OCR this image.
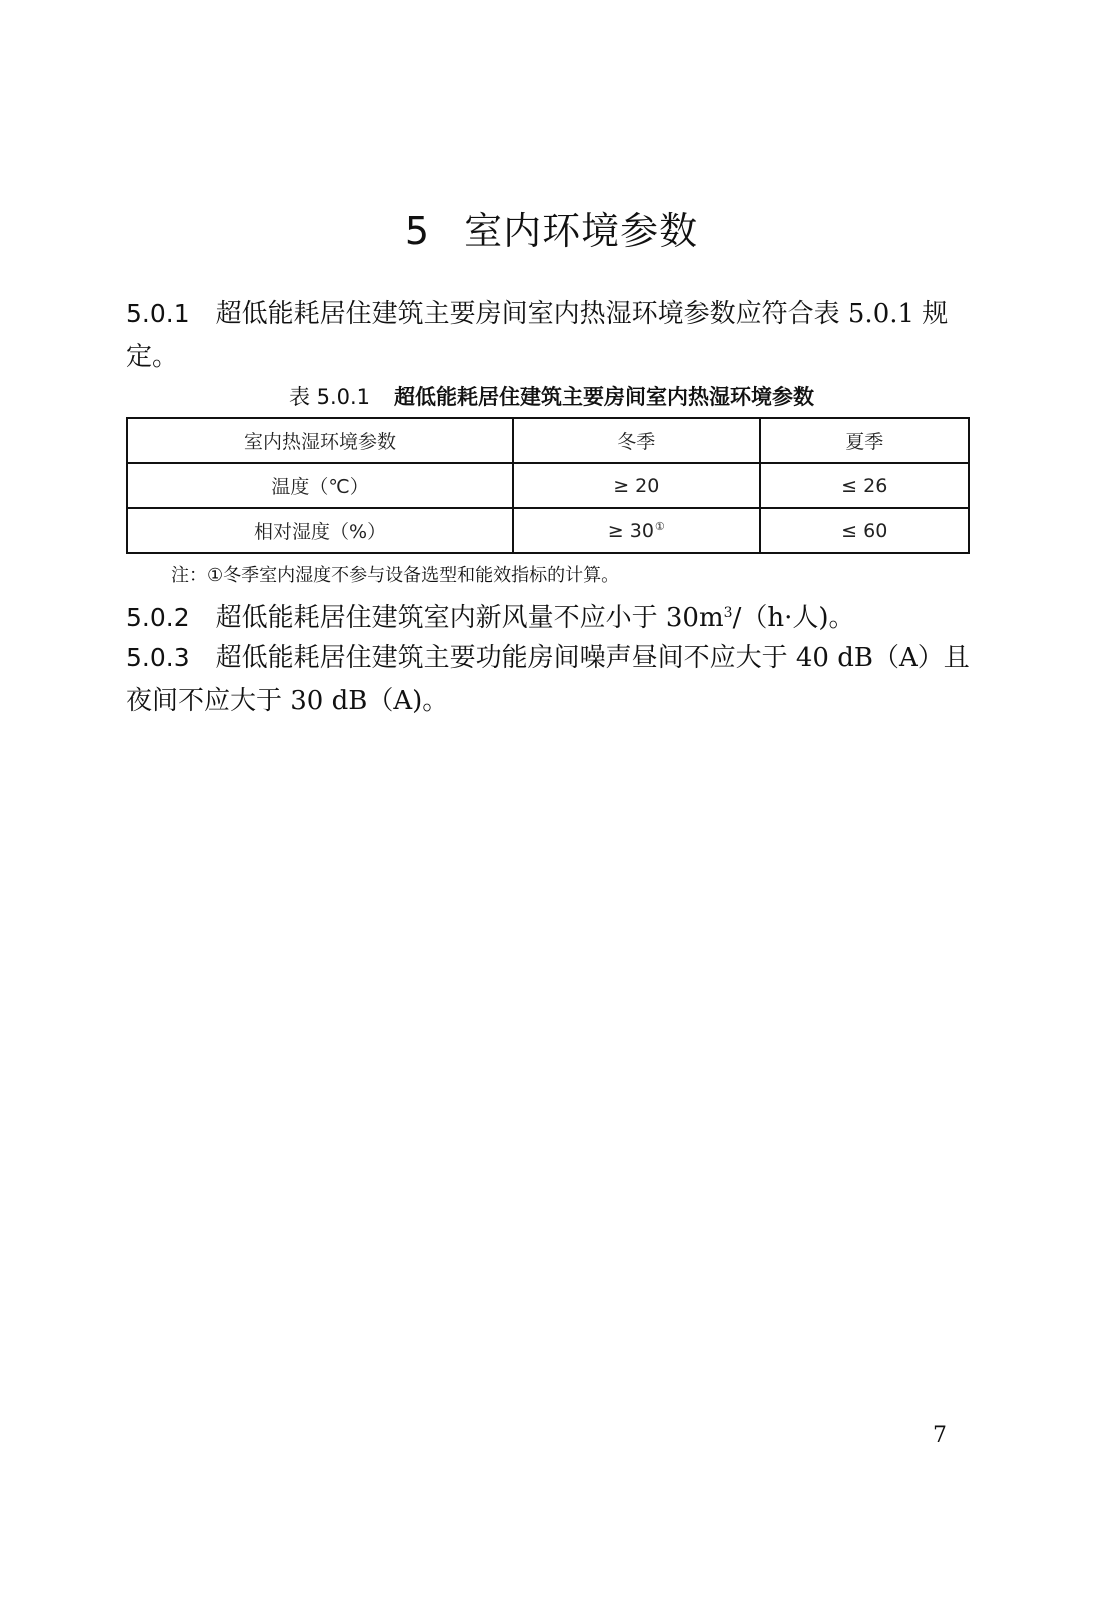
5 室内环境参数
5.0.1 超低能耗居住建筑主要房间室内热湿环境参数应符合表 5.0.1 规定。
表 5.0.1 超低能耗居住建筑主要房间室内热湿环境参数
室内热湿环境参数	冬季	夏季
温度（℃）	≥ 20	≤ 26
相对湿度（%）	≥ 30①	≤ 60
注：①冬季室内湿度不参与设备选型和能效指标的计算。
5.0.2 超低能耗居住建筑室内新风量不应小于 $30m^3/(h\cdot$人)。
5.0.3 超低能耗居住建筑主要功能房间噪声昼间不应大于 40 dB（A）且夜间不应大于 30 dB（A)。
7
